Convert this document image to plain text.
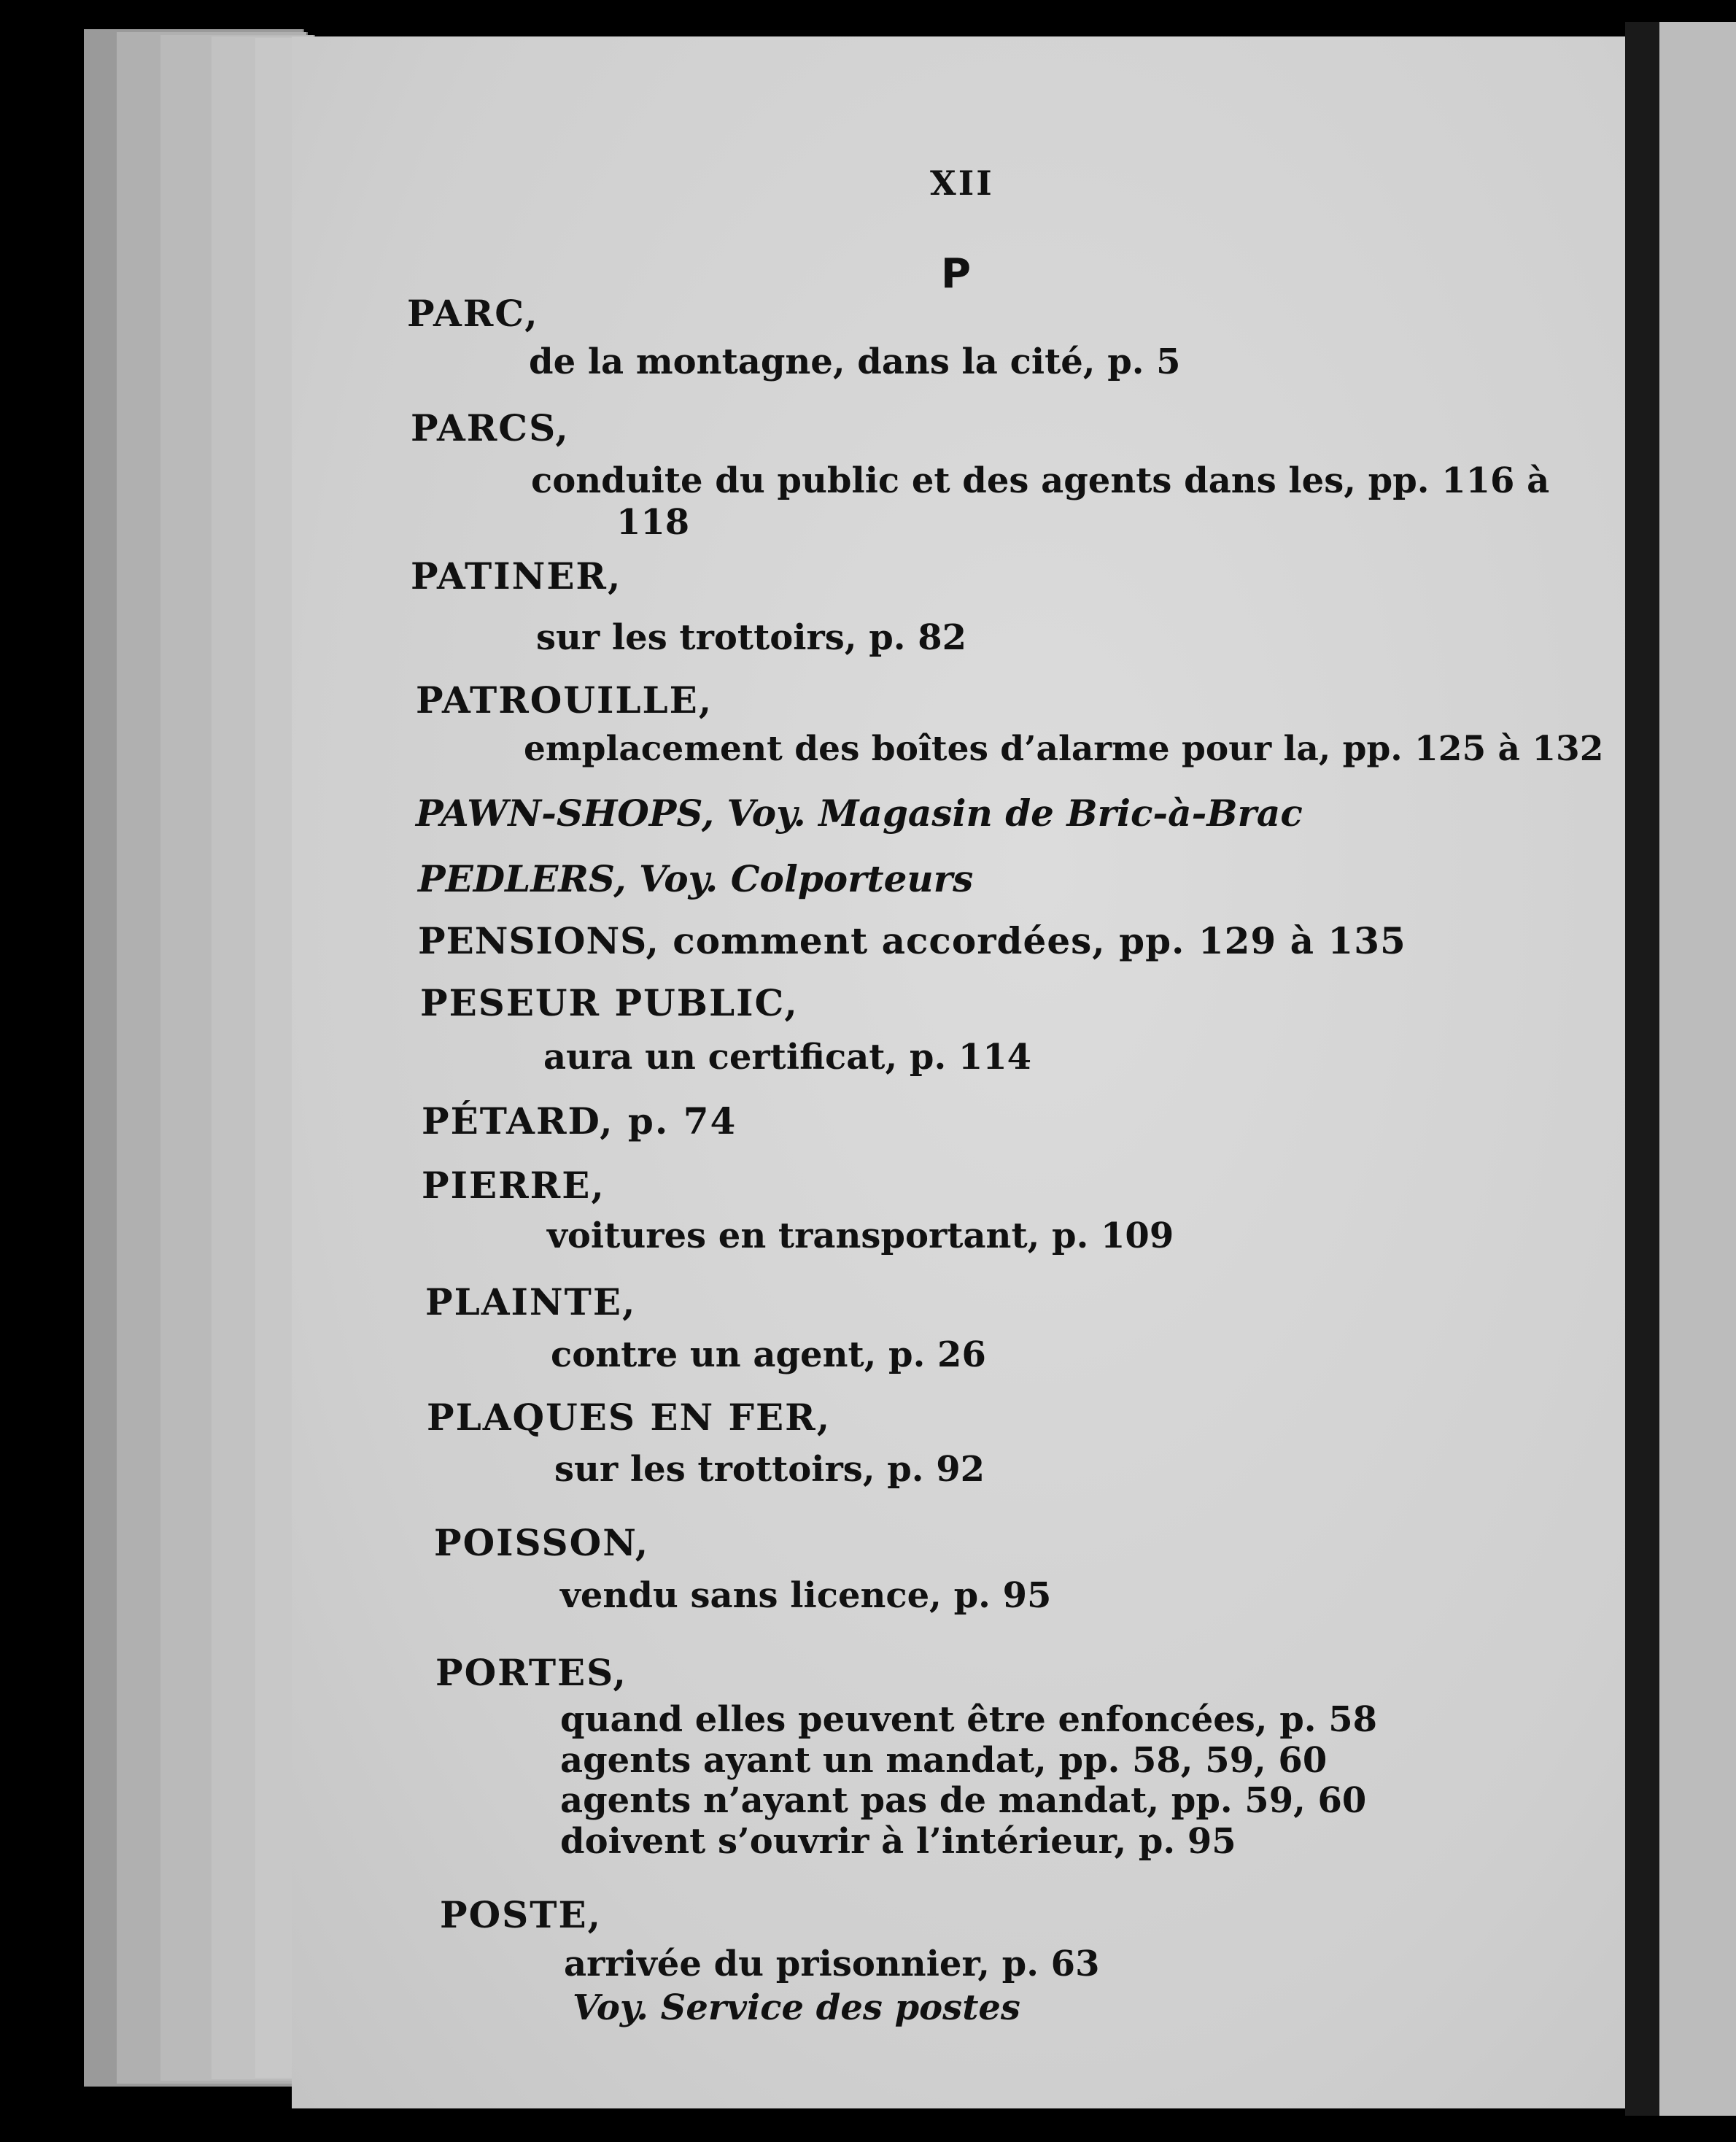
XII

P

PARC,

de la montagne, dans la cité, p. 5

PARCS,

conduite du public et des agents dans les, pp. 116 à

118

PATINER,

sur les trottoirs, p. 82

PATROUILLE,

emplacement des boîtes d’alarme pour la, pp. 125 à 132

PAWN-SHOPS, Voy. Magasin de Bric-à-Brac

PEDLERS, Voy. Colporteurs

PENSIONS, comment accordées, pp. 129 à 135

PESEUR PUBLIC,

aura un certificat, p. 114

PÉTARD, p. 74

PIERRE,

voitures en transportant, p. 109

PLAINTE,

contre un agent, p. 26

PLAQUES EN FER,

sur les trottoirs, p. 92

POISSON,

vendu sans licence, p. 95

PORTES,

quand elles peuvent être enfoncées, p. 58

agents ayant un mandat, pp. 58, 59, 60

agents n’ayant pas de mandat, pp. 59, 60

doivent s’ouvrir à l’intérieur, p. 95

POSTE,

arrivée du prisonnier, p. 63

Voy. Service des postes
